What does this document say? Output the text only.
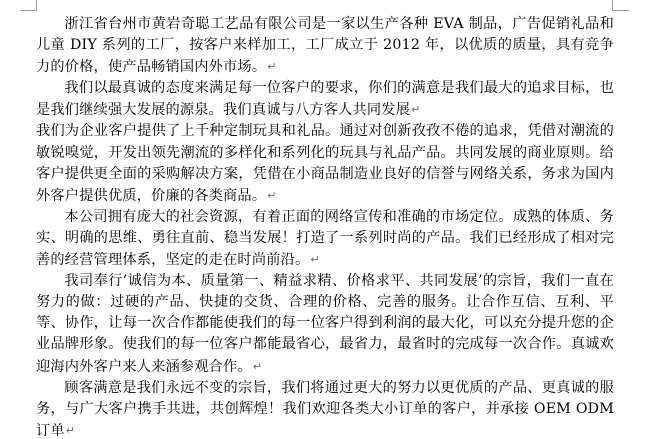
浙江省台州市黄岩奇聪工艺品有限公司是一家以生产各种 EVA 制品，广告促销礼品和儿童 DIY 系列的工厂，按客户来样加工，工厂成立于 2012 年，以优质的质量，具有竞争力的价格，使产品畅销国内外市场。↵

我们以最真诚的态度来满足每一位客户的要求，你们的满意是我们最大的追求目标，也是我们继续强大发展的源泉。我们真诚与八方客人共同发展↵

我们为企业客户提供了上千种定制玩具和礼品。通过对创新孜孜不倦的追求，凭借对潮流的敏锐嗅觉，开发出领先潮流的多样化和系列化的玩具与礼品产品。共同发展的商业原则。给客户提供更全面的采购解决方案，凭借在小商品制造业良好的信誉与网络关系，务求为国内外客户提供优质，价廉的各类商品。↵

本公司拥有庞大的社会资源，有着正面的网络宣传和准确的市场定位。成熟的体质、务实、明确的思维、勇往直前、稳当发展！打造了一系列时尚的产品。我们已经形成了相对完善的经营管理体系，坚定的走在时尚前沿。↵

我司奉行’诚信为本、质量第一、精益求精、价格求平、共同发展’的宗旨，我们一直在努力的做：过硬的产品、快捷的交货、合理的价格、完善的服务。让合作互信、互利、平等、协作，让每一次合作都能使我们的每一位客户得到利润的最大化，可以充分提升您的企业品牌形象。使我们的每一位客户都能最省心，最省力，最省时的完成每一次合作。真诚欢迎海内外客户来人来涵参观合作。↵

顾客满意是我们永远不变的宗旨，我们将通过更大的努力以更优质的产品、更真诚的服务，与广大客户携手共进，共创辉煌！我们欢迎各类大小订单的客户，并承接 OEM ODM 订单↵
